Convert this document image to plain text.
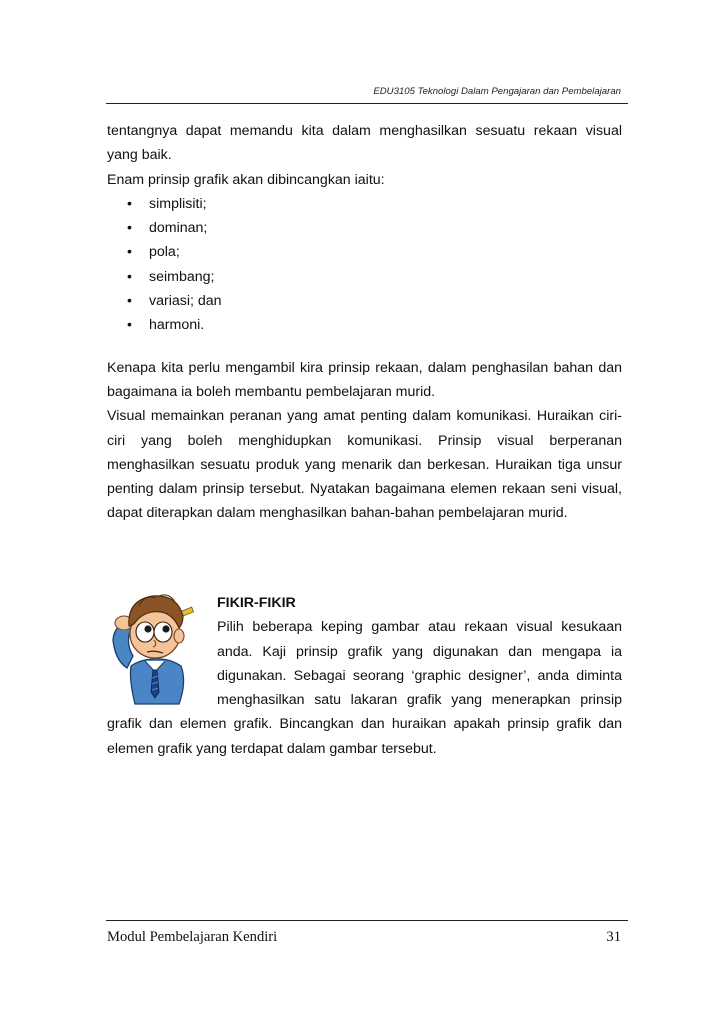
EDU3105 Teknologi Dalam Pengajaran dan Pembelajaran

tentangnya dapat memandu kita dalam menghasilkan sesuatu rekaan visual

yang baik.

Enam prinsip grafik akan dibincangkan iaitu:

• simplisiti;
• dominan;
• pola;
• seimbang;
• variasi; dan
• harmoni.

Kenapa kita perlu mengambil kira prinsip rekaan, dalam penghasilan bahan dan

bagaimana ia boleh membantu pembelajaran murid.

Visual memainkan peranan yang amat penting dalam komunikasi. Huraikan ciri-

ciri yang boleh menghidupkan komunikasi. Prinsip visual berperanan

menghasilkan sesuatu produk yang menarik dan berkesan. Huraikan tiga unsur

penting dalam prinsip tersebut. Nyatakan bagaimana elemen rekaan seni visual,

dapat diterapkan dalam menghasilkan bahan-bahan pembelajaran murid.

FIKIR-FIKIR

Pilih beberapa keping gambar atau rekaan visual kesukaan

anda. Kaji prinsip grafik yang digunakan dan mengapa ia

digunakan. Sebagai seorang ‘graphic designer’, anda diminta

menghasilkan satu lakaran grafik yang menerapkan prinsip

grafik dan elemen grafik. Bincangkan dan huraikan apakah prinsip grafik dan

elemen grafik yang terdapat dalam gambar tersebut.

Modul Pembelajaran Kendiri	31
